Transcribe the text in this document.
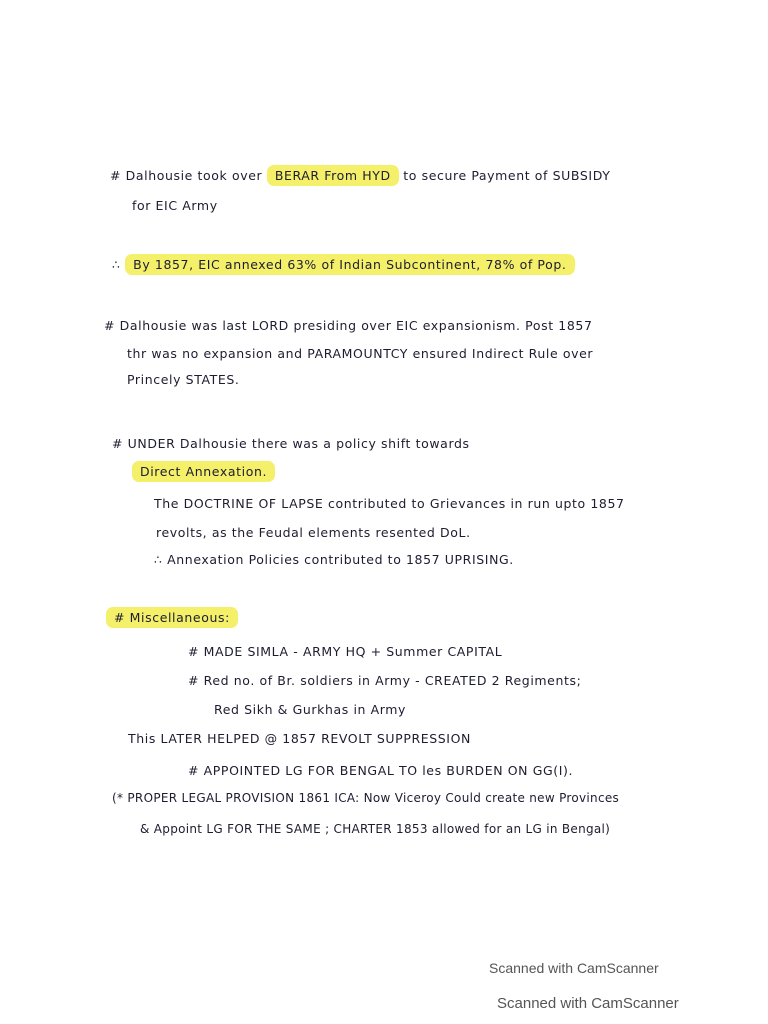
# Dalhousie took over BERAR From HYD to secure Payment of SUBSIDY
for EIC Army
∴ By 1857, EIC annexed 63% of Indian Subcontinent, 78% of Pop.
# Dalhousie was last LORD presiding over EIC expansionism. Post 1857
thr was no expansion and PARAMOUNTCY ensured Indirect Rule over
Princely STATES.
# UNDER Dalhousie there was a policy shift towards
Direct Annexation.
The DOCTRINE OF LAPSE contributed to Grievances in run upto 1857
revolts, as the Feudal elements resented DoL.
∴ Annexation Policies contributed to 1857 UPRISING.
# Miscellaneous:
# MADE SIMLA - ARMY HQ + Summer CAPITAL
# Red no. of Br. soldiers in Army - CREATED 2 Regiments;
Red Sikh & Gurkhas in Army
This LATER HELPED @ 1857 REVOLT SUPPRESSION
# APPOINTED LG FOR BENGAL TO les BURDEN ON GG(I).
(* PROPER LEGAL PROVISION 1861 ICA: Now Viceroy Could create new Provinces
& Appoint LG FOR THE SAME ; CHARTER 1853 allowed for an LG in Bengal)
Scanned with CamScanner
Scanned with CamScanner
